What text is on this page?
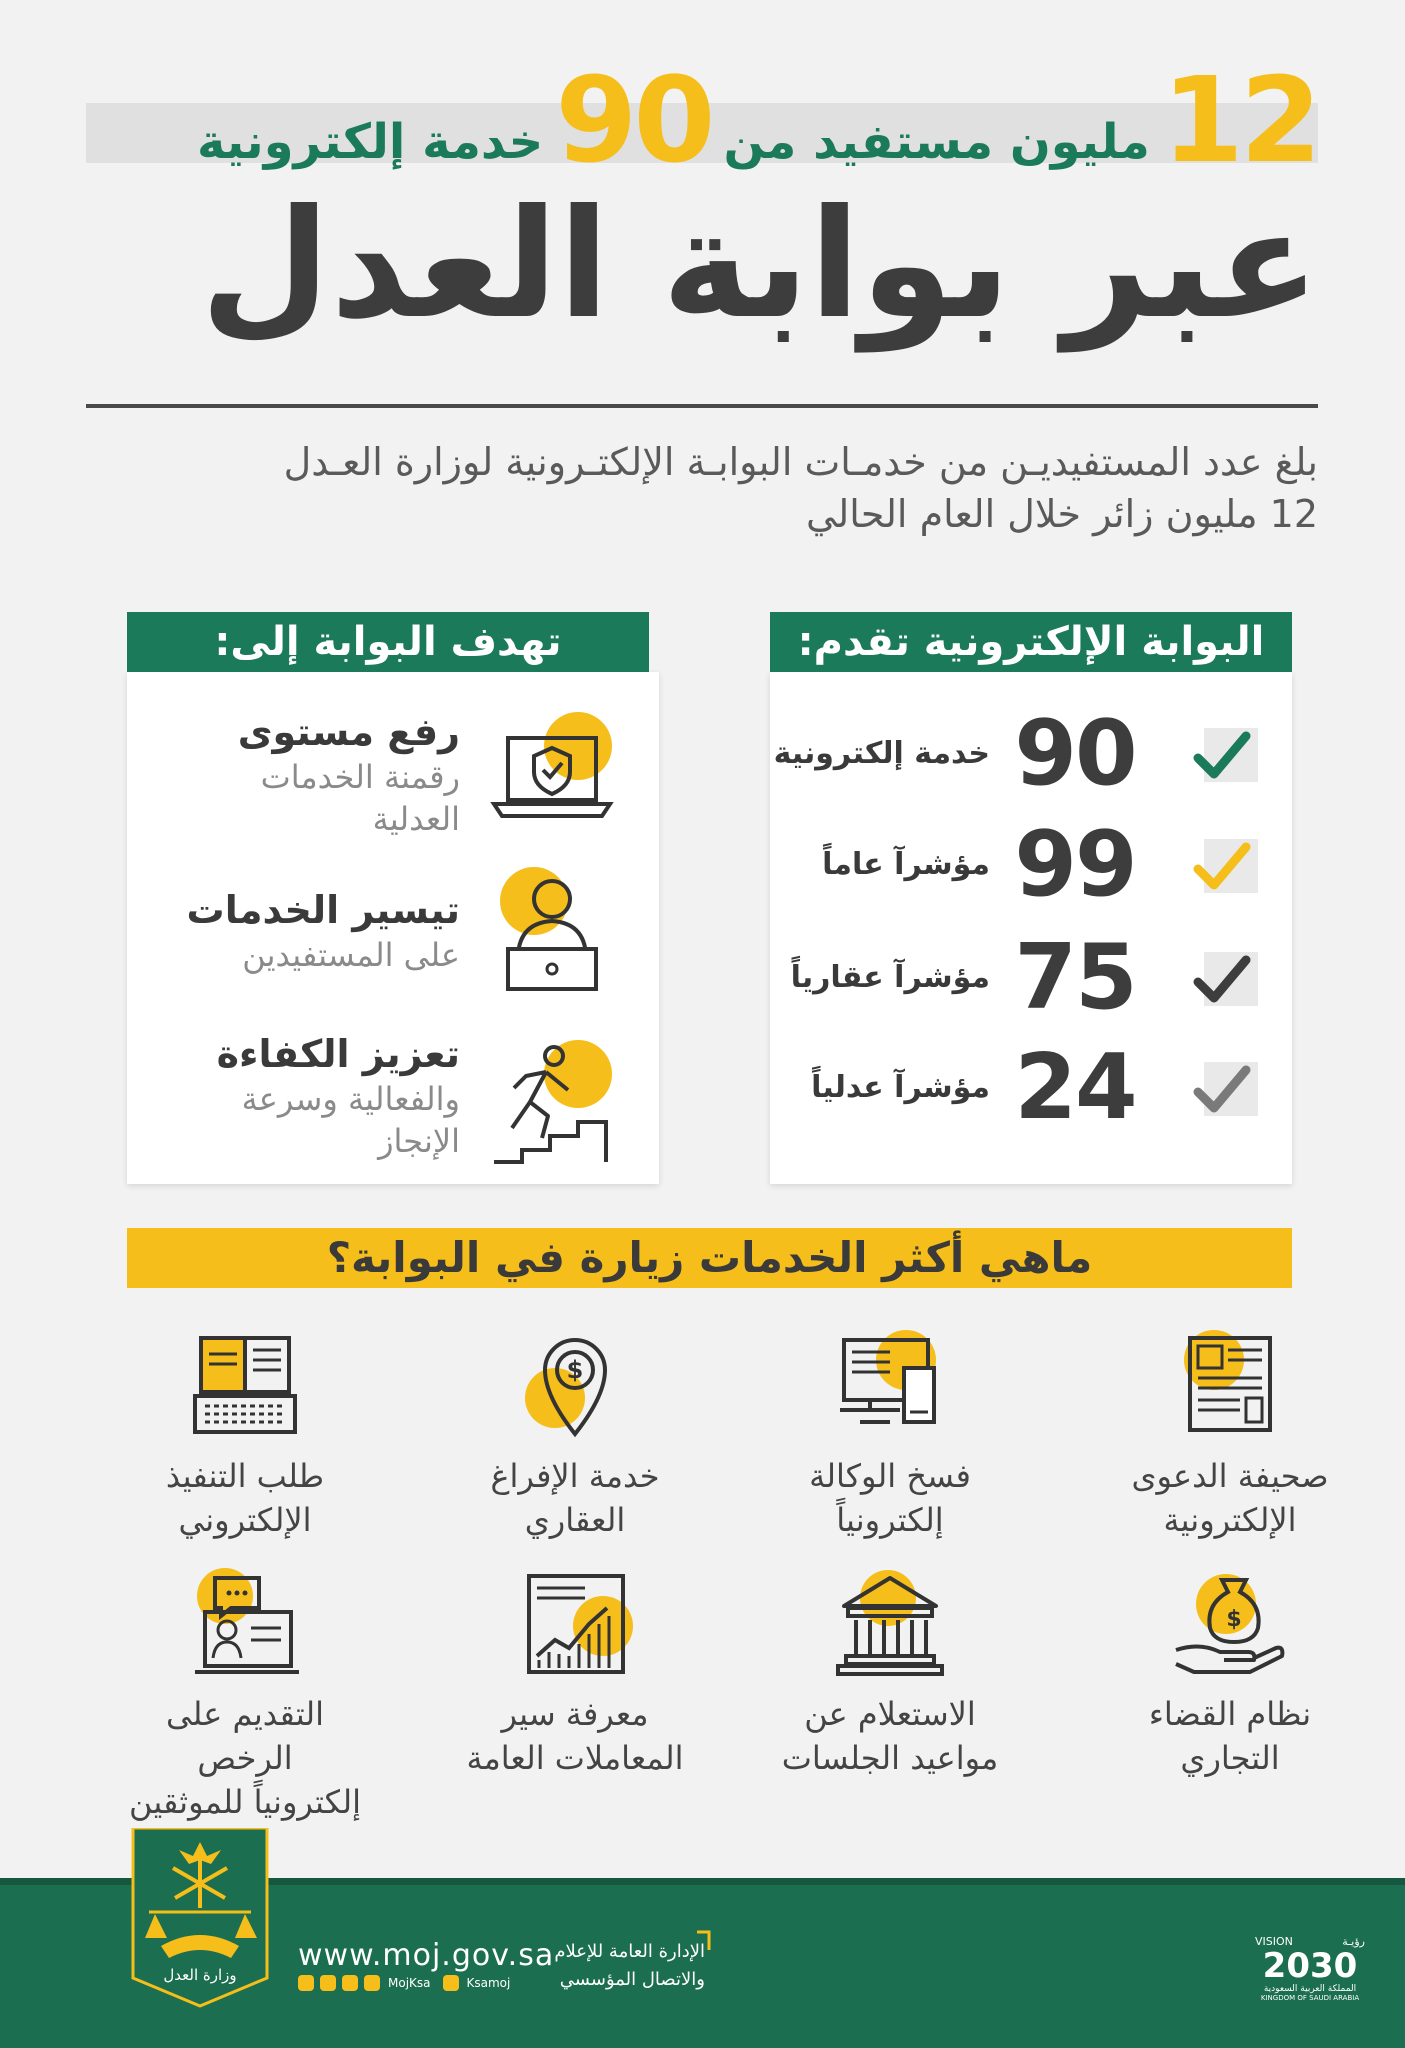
12
مليون مستفيد من
90
خدمة إلكترونية
عبر بوابة العدل
بلغ عدد المستفيديـن من خدمـات البوابـة الإلكتـرونية لوزارة العـدل
12 مليون زائر خلال العام الحالي
البوابة الإلكترونية تقدم:
90
خدمة إلكترونية
99
مؤشرآ عاماً
75
مؤشرآ عقارياً
24
مؤشرآ عدلياً
تهدف البوابة إلى:
رفع مستوى
رقمنة الخدمات
العدلية
تيسير الخدمات
على المستفيدين
تعزيز الكفاءة
والفعالية وسرعة
الإنجاز
ماهي أكثر الخدمات زيارة في البوابة؟
صحيفة الدعوى
الإلكترونية
فسخ الوكالة
إلكترونياً
$
خدمة الإفراغ
العقاري
طلب التنفيذ
الإلكتروني
$
نظام القضاء
التجاري
الاستعلام عن
مواعيد الجلسات
معرفة سير
المعاملات العامة
التقديم على الرخص
إلكترونياً للموثقين
وزارة العدل
www.moj.gov.sa
MojKsa	Ksamoj
الإدارة العامة للإعلام
والاتصال المؤسسي
VISION	رؤيـة
2030
المملكة العربية السعودية
KINGDOM OF SAUDI ARABIA
